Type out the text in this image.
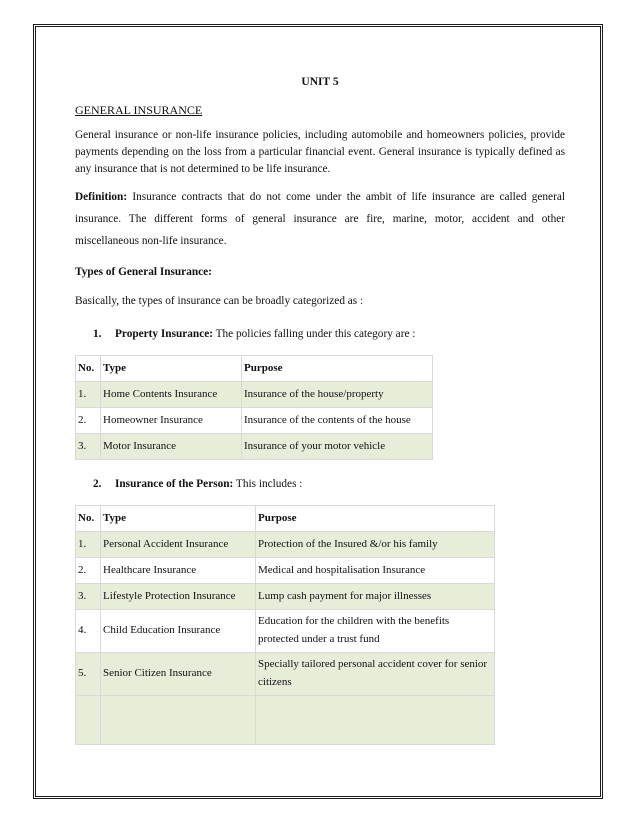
UNIT 5
GENERAL INSURANCE

General insurance or non-life insurance policies, including automobile and homeowners policies, provide payments depending on the loss from a particular financial event. General insurance is typically defined as any insurance that is not determined to be life insurance.

Definition: Insurance contracts that do not come under the ambit of life insurance are called general insurance. The different forms of general insurance are fire, marine, motor, accident and other miscellaneous non-life insurance.

Types of General Insurance:

Basically, the types of insurance can be broadly categorized as :

1. Property Insurance: The policies falling under this category are :
No.	Type	Purpose
1.	Home Contents Insurance	Insurance of the house/property
2.	Homeowner Insurance	Insurance of the contents of the house
3.	Motor Insurance	Insurance of your motor vehicle
2. Insurance of the Person: This includes :
No.	Type	Purpose
1.	Personal Accident Insurance	Protection of the Insured &/or his family
2.	Healthcare Insurance	Medical and hospitalisation Insurance
3.	Lifestyle Protection Insurance	Lump cash payment for major illnesses
4.	Child Education Insurance	Education for the children with the benefits protected under a trust fund
5.	Senior Citizen Insurance	Specially tailored personal accident cover for senior citizens
